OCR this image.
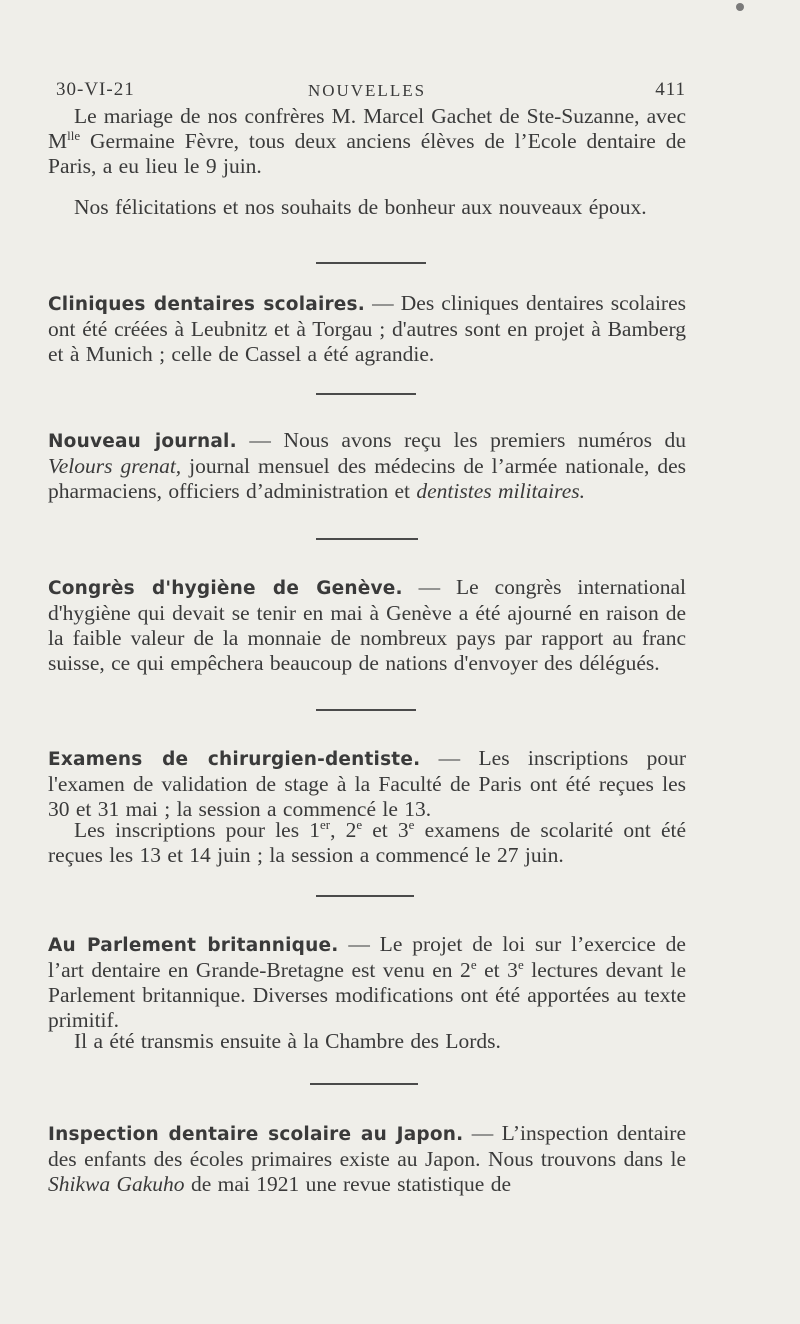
30-VI-21	NOUVELLES	411

Le mariage de nos confrères M. Marcel Gachet de Ste-Suzanne, avec $M^{lle}$ Germaine Fèvre, tous deux anciens élèves de l’Ecole dentaire de Paris, a eu lieu le 9 juin.

Nos félicitations et nos souhaits de bonheur aux nouveaux époux.

Cliniques dentaires scolaires. — Des cliniques dentaires scolaires ont été créées à Leubnitz et à Torgau ; d'autres sont en projet à Bamberg et à Munich ; celle de Cassel a été agrandie.

Nouveau journal. — Nous avons reçu les premiers numéros du Velours grenat, journal mensuel des médecins de l’armée nationale, des pharmaciens, officiers d’administration et dentistes militaires.

Congrès d'hygiène de Genève. — Le congrès international d'hygiène qui devait se tenir en mai à Genève a été ajourné en raison de la faible valeur de la monnaie de nombreux pays par rapport au franc suisse, ce qui empêchera beaucoup de nations d'envoyer des délégués.

Examens de chirurgien-dentiste. — Les inscriptions pour l'examen de validation de stage à la Faculté de Paris ont été reçues les 30 et 31 mai ; la session a commencé le 13.

Les inscriptions pour les 1er, 2e et 3e examens de scolarité ont été reçues les 13 et 14 juin ; la session a commencé le 27 juin.

Au Parlement britannique. — Le projet de loi sur l’exercice de l’art dentaire en Grande-Bretagne est venu en 2e et 3e lectures devant le Parlement britannique. Diverses modifications ont été apportées au texte primitif.

Il a été transmis ensuite à la Chambre des Lords.

Inspection dentaire scolaire au Japon. — L’inspection dentaire des enfants des écoles primaires existe au Japon. Nous trouvons dans le Shikwa Gakuho de mai 1921 une revue statistique de
